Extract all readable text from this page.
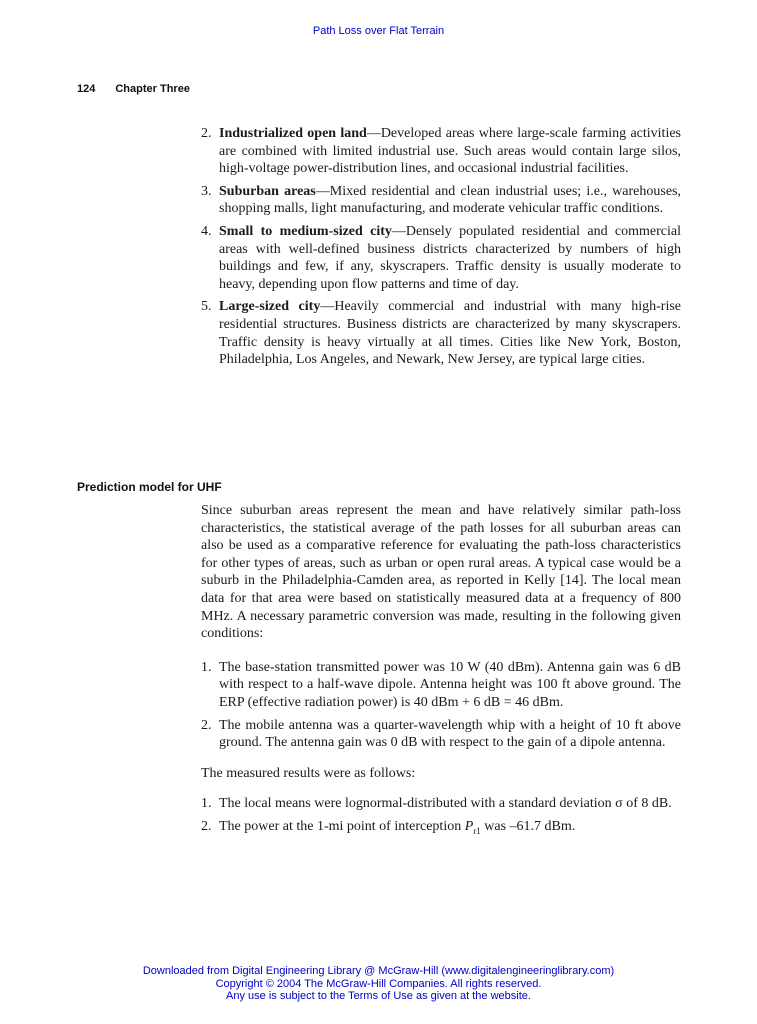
Path Loss over Flat Terrain
124 Chapter Three
2. Industrialized open land—Developed areas where large-scale farming activities are combined with limited industrial use. Such areas would contain large silos, high-voltage power-distribution lines, and occasional industrial facilities.
3. Suburban areas—Mixed residential and clean industrial uses; i.e., warehouses, shopping malls, light manufacturing, and moderate vehicular traffic conditions.
4. Small to medium-sized city—Densely populated residential and commercial areas with well-defined business districts characterized by numbers of high buildings and few, if any, skyscrapers. Traffic density is usually moderate to heavy, depending upon flow patterns and time of day.
5. Large-sized city—Heavily commercial and industrial with many high-rise residential structures. Business districts are characterized by many skyscrapers. Traffic density is heavy virtually at all times. Cities like New York, Boston, Philadelphia, Los Angeles, and Newark, New Jersey, are typical large cities.
Prediction model for UHF

Since suburban areas represent the mean and have relatively similar path-loss characteristics, the statistical average of the path losses for all suburban areas can also be used as a comparative reference for evaluating the path-loss characteristics for other types of areas, such as urban or open rural areas. A typical case would be a suburb in the Philadelphia-Camden area, as reported in Kelly [14]. The local mean data for that area were based on statistically measured data at a frequency of 800 MHz. A necessary parametric conversion was made, resulting in the following given conditions:

1. The base-station transmitted power was 10 W (40 dBm). Antenna gain was 6 dB with respect to a half-wave dipole. Antenna height was 100 ft above ground. The ERP (effective radiation power) is 40 dBm + 6 dB = 46 dBm.
2. The mobile antenna was a quarter-wavelength whip with a height of 10 ft above ground. The antenna gain was 0 dB with respect to the gain of a dipole antenna.

The measured results were as follows:

1. The local means were lognormal-distributed with a standard deviation σ of 8 dB.
2. The power at the 1-mi point of interception $P_{r1}$ was –61.7 dBm.
Downloaded from Digital Engineering Library @ McGraw-Hill (www.digitalengineeringlibrary.com)
Copyright © 2004 The McGraw-Hill Companies. All rights reserved.
Any use is subject to the Terms of Use as given at the website.
